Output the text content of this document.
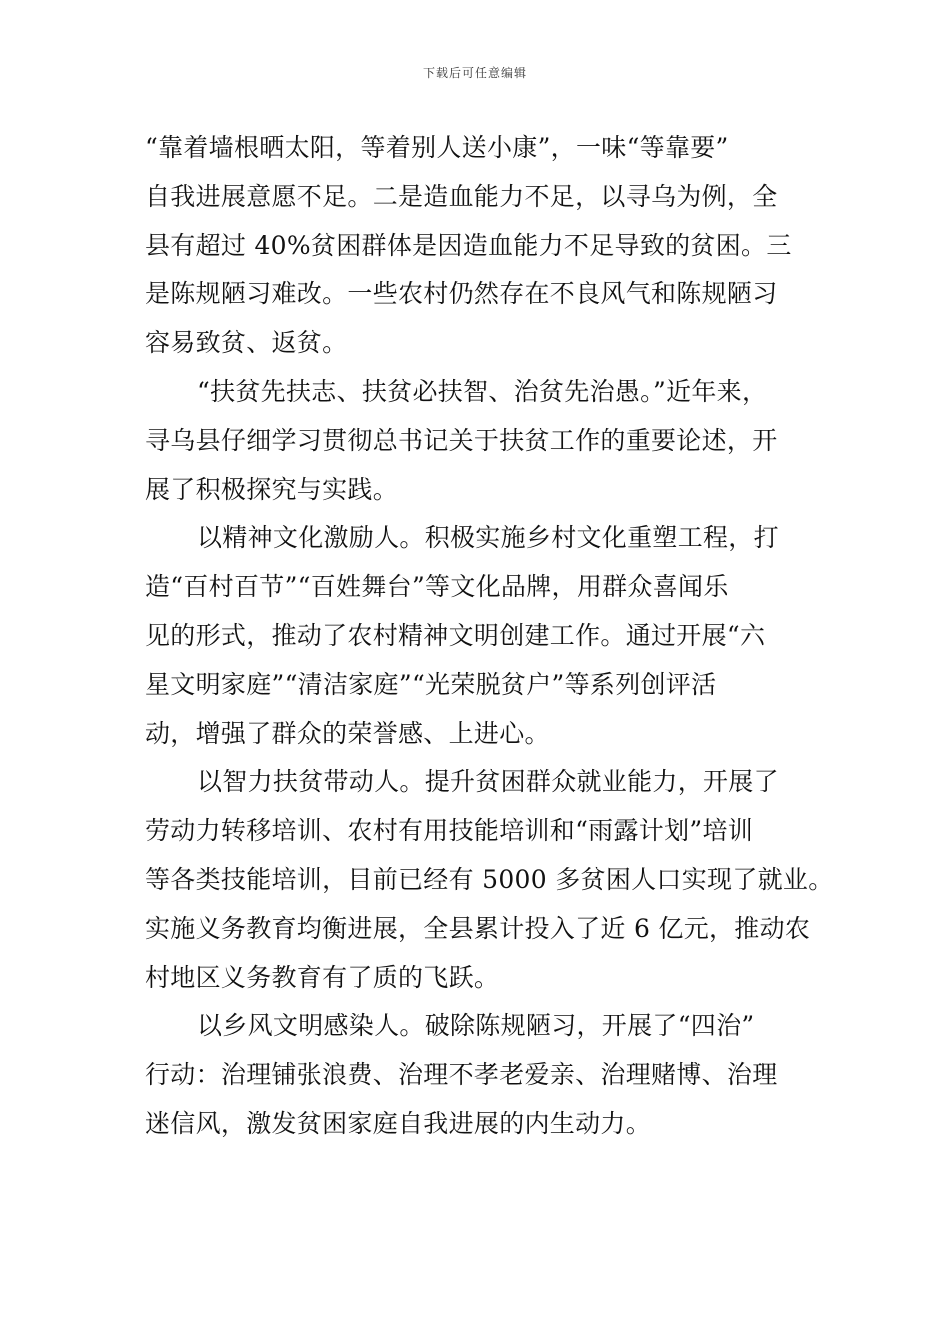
下载后可任意编辑

“靠着墙根晒太阳，等着别人送小康”，一味“等靠要”
自我进展意愿不足。二是造血能力不足，以寻乌为例，全
县有超过 40%贫困群体是因造血能力不足导致的贫困。三
是陈规陋习难改。一些农村仍然存在不良风气和陈规陋习
容易致贫、返贫。

“扶贫先扶志、扶贫必扶智、治贫先治愚。”近年来，
寻乌县仔细学习贯彻总书记关于扶贫工作的重要论述，开
展了积极探究与实践。

以精神文化激励人。积极实施乡村文化重塑工程，打
造“百村百节”“百姓舞台”等文化品牌，用群众喜闻乐
见的形式，推动了农村精神文明创建工作。通过开展“六
星文明家庭”“清洁家庭”“光荣脱贫户”等系列创评活
动，增强了群众的荣誉感、上进心。

以智力扶贫带动人。提升贫困群众就业能力，开展了
劳动力转移培训、农村有用技能培训和“雨露计划”培训
等各类技能培训，目前已经有 5000 多贫困人口实现了就业。
实施义务教育均衡进展，全县累计投入了近 6 亿元，推动农
村地区义务教育有了质的飞跃。

以乡风文明感染人。破除陈规陋习，开展了“四治”
行动：治理铺张浪费、治理不孝老爱亲、治理赌博、治理
迷信风，激发贫困家庭自我进展的内生动力。
